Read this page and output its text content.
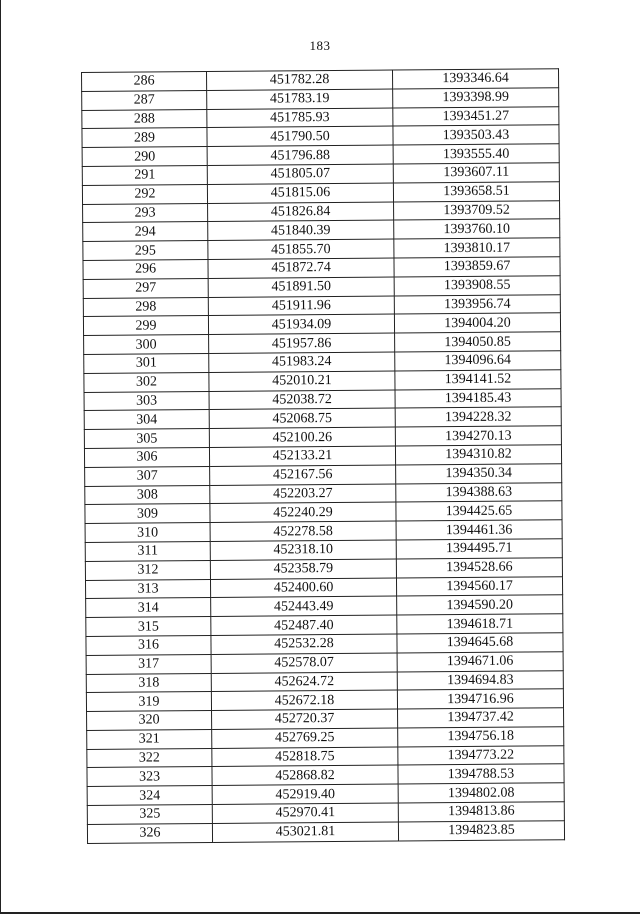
183
286	451782.28	1393346.64
287	451783.19	1393398.99
288	451785.93	1393451.27
289	451790.50	1393503.43
290	451796.88	1393555.40
291	451805.07	1393607.11
292	451815.06	1393658.51
293	451826.84	1393709.52
294	451840.39	1393760.10
295	451855.70	1393810.17
296	451872.74	1393859.67
297	451891.50	1393908.55
298	451911.96	1393956.74
299	451934.09	1394004.20
300	451957.86	1394050.85
301	451983.24	1394096.64
302	452010.21	1394141.52
303	452038.72	1394185.43
304	452068.75	1394228.32
305	452100.26	1394270.13
306	452133.21	1394310.82
307	452167.56	1394350.34
308	452203.27	1394388.63
309	452240.29	1394425.65
310	452278.58	1394461.36
311	452318.10	1394495.71
312	452358.79	1394528.66
313	452400.60	1394560.17
314	452443.49	1394590.20
315	452487.40	1394618.71
316	452532.28	1394645.68
317	452578.07	1394671.06
318	452624.72	1394694.83
319	452672.18	1394716.96
320	452720.37	1394737.42
321	452769.25	1394756.18
322	452818.75	1394773.22
323	452868.82	1394788.53
324	452919.40	1394802.08
325	452970.41	1394813.86
326	453021.81	1394823.85
